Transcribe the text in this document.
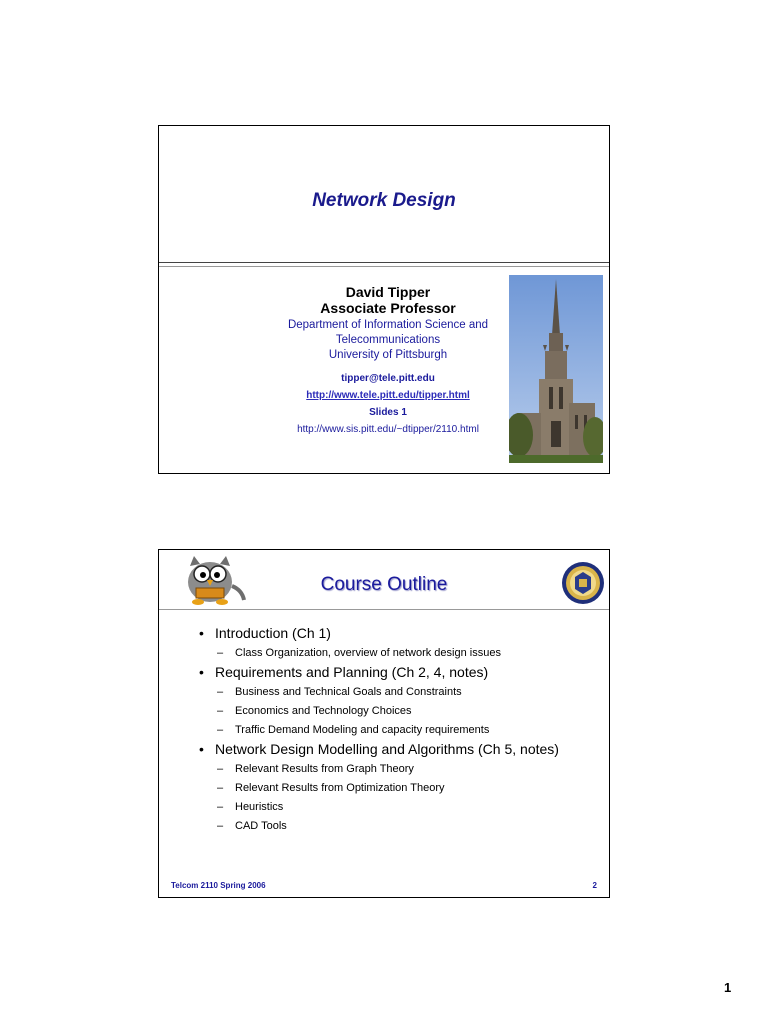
Network Design
David Tipper
Associate Professor
Department of Information Science and
Telecommunications
University of Pittsburgh
tipper@tele.pitt.edu
http://www.tele.pitt.edu/tipper.html
Slides 1
http://www.sis.pitt.edu/~dtipper/2110.html
Course Outline
• Introduction (Ch 1)
– Class Organization, overview of network design issues
• Requirements and Planning (Ch 2, 4, notes)
– Business and Technical Goals and Constraints
– Economics and Technology Choices
– Traffic Demand Modeling and capacity requirements
• Network Design Modelling and Algorithms (Ch 5, notes)
– Relevant Results from Graph Theory
– Relevant Results from Optimization Theory
– Heuristics
– CAD Tools
Telcom 2110 Spring 2006	2
1
